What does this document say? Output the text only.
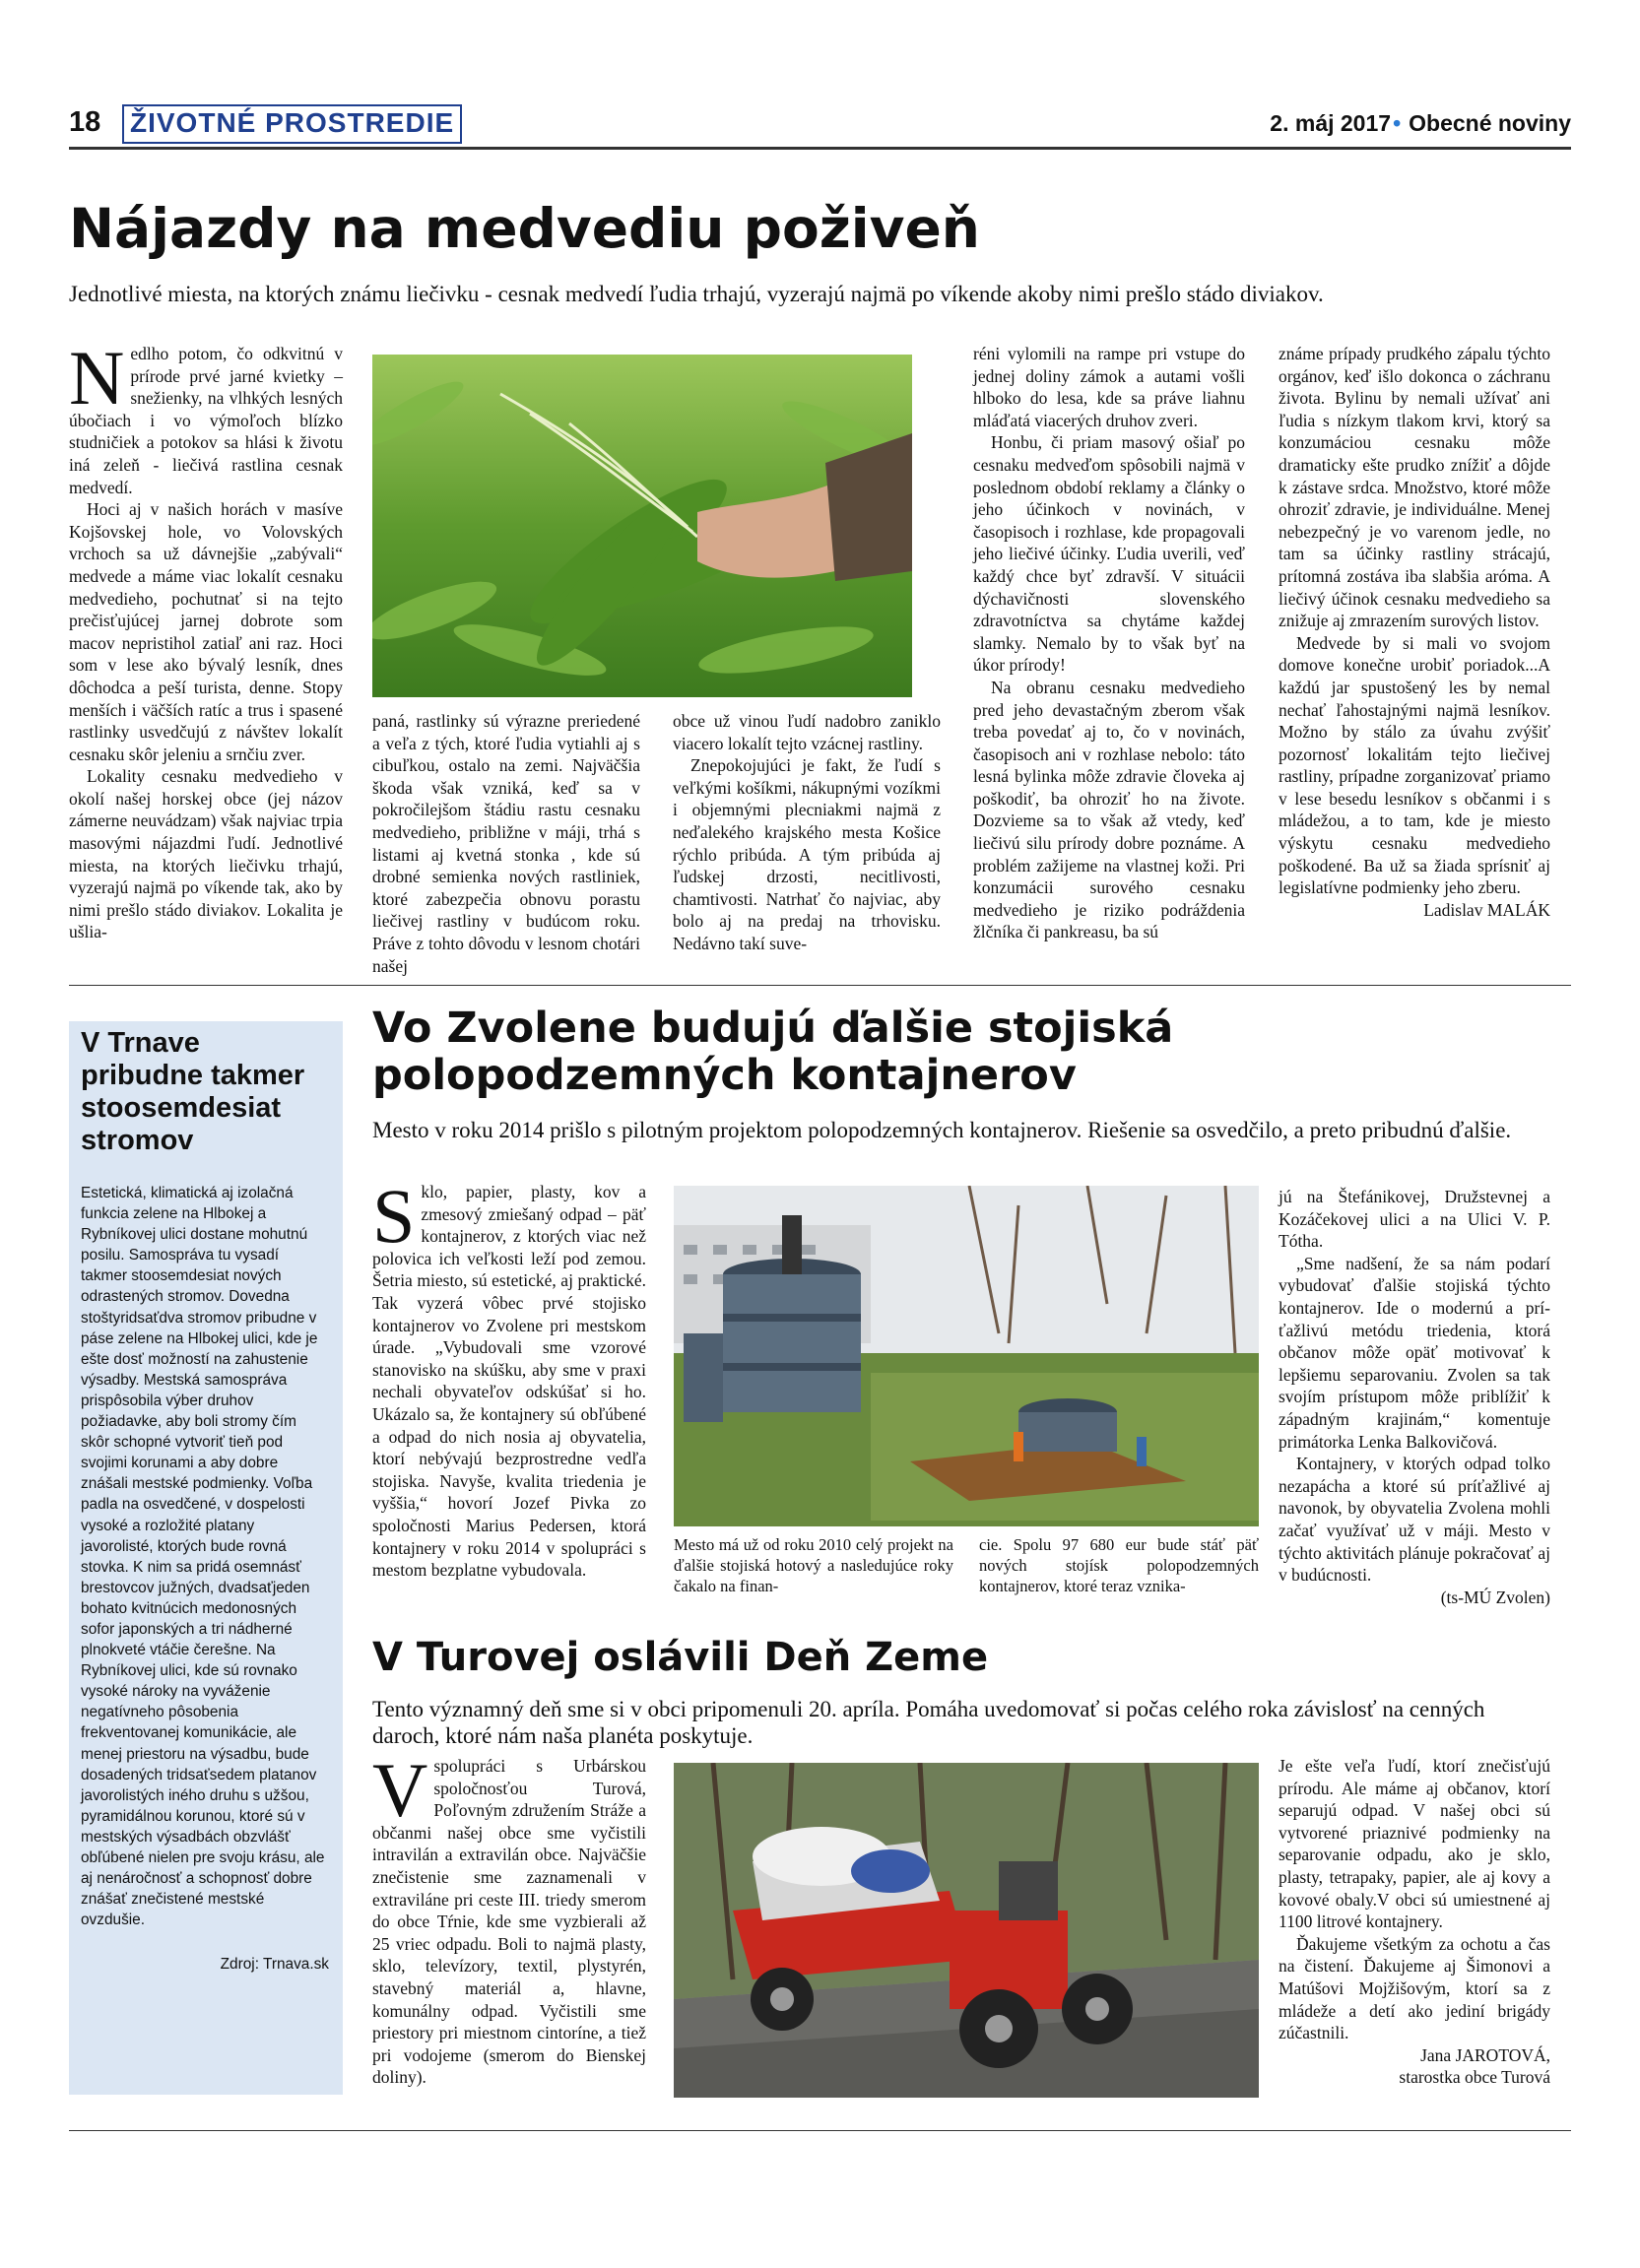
18 ŽIVOTNÉ PROSTREDIE	2. máj 2017• Obecné noviny
Nájazdy na medvediu poživeň
Jednotlivé miesta, na ktorých známu liečivku - cesnak medvedí ľudia trhajú, vyzerajú najmä po víkende akoby nimi prešlo stádo diviakov.

Nedlho potom, čo odkvitnú v prírode prvé jarné kvietky – snežienky, na vlhkých lesných úbočiach i vo výmoľoch blízko studničiek a potokov sa hlási k životu iná zeleň - liečivá rastlina cesnak medvedí.

Hoci aj v našich horách v masíve Kojšovskej hole, vo Volovských vrchoch sa už dávnejšie „zabývali“ medvede a máme viac lokalít cesnaku medvedieho, pochutnať si na tejto prečisťujúcej jarnej dobrote som macov nepristihol zatiaľ ani raz. Hoci som v lese ako bývalý lesník, dnes dôchodca a peší turista, denne. Stopy menších i väčších ratíc a trus i spasené rastlinky usvedčujú z návštev lokalít cesnaku skôr jeleniu a srnčiu zver.

Lokality cesnaku medvedieho v okolí našej horskej obce (jej názov zámerne neuvádzam) však najviac trpia masovými nájazdmi ľudí. Jednotlivé miesta, na ktorých liečivku trhajú, vyzerajú najmä po víkende tak, ako by nimi prešlo stádo diviakov. Lokalita je ušlia-

paná, rastlinky sú výrazne preriedené a veľa z tých, ktoré ľudia vytiahli aj s cibuľkou, ostalo na zemi. Najväčšia škoda však vzniká, keď sa v pokročilejšom štádiu rastu cesnaku medvedieho, približne v máji, trhá s listami aj kvetná stonka , kde sú drobné semienka nových rastliniek, ktoré zabezpečia obnovu porastu liečivej rastliny v budúcom roku. Práve z tohto dôvodu v lesnom chotári našej

obce už vinou ľudí nadobro zaniklo viacero lokalít tejto vzácnej rastliny.

Znepokojujúci je fakt, že ľudí s veľkými košíkmi, nákupnými vozíkmi i objemnými plecniakmi najmä z neďalekého krajského mesta Košice rýchlo pribúda. A tým pribúda aj ľudskej drzosti, necitlivosti, chamtivosti. Natrhať čo najviac, aby bolo aj na predaj na trhovisku. Nedávno takí suve-

réni vylomili na rampe pri vstupe do jednej doliny zámok a autami vošli hlboko do lesa, kde sa práve liahnu mláďatá viacerých druhov zveri.

Honbu, či priam masový ošiaľ po cesnaku medveďom spôsobili najmä v poslednom období reklamy a články o jeho účinkoch v novinách, v časopisoch i rozhlase, kde propagovali jeho liečivé účinky. Ľudia uverili, veď každý chce byť zdravší. V situácii dýchavičnosti slovenského zdravotníctva sa chytáme každej slamky. Nemalo by to však byť na úkor prírody!

Na obranu cesnaku medvedieho pred jeho devastačným zberom však treba povedať aj to, čo v novinách, časopisoch ani v rozhlase nebolo: táto lesná bylinka môže zdravie človeka aj poškodiť, ba ohroziť ho na živote. Dozvieme sa to však až vtedy, keď liečivú silu prírody dobre poznáme. A problém zažijeme na vlastnej koži. Pri konzumácii surového cesnaku medvedieho je riziko podráždenia žlčníka či pankreasu, ba sú

známe prípady prudkého zápalu týchto orgánov, keď išlo dokonca o záchranu života. Bylinu by nemali užívať ani ľudia s nízkym tlakom krvi, ktorý sa konzumáciou cesnaku môže dramaticky ešte prudko znížiť a dôjde k zástave srdca. Množstvo, ktoré môže ohroziť zdravie, je individuálne. Menej nebezpečný je vo varenom jedle, no tam sa účinky rastliny strácajú, prítomná zostáva iba slabšia aróma. A liečivý účinok cesnaku medvedieho sa znižuje aj zmrazením surových listov.

Medvede by si mali vo svojom domove konečne urobiť poriadok...A každú jar spustošený les by nemal nechať ľahostajnými najmä lesníkov. Možno by stálo za úvahu zvýšiť pozornosť lokalitám tejto liečivej rastliny, prípadne zorganizovať priamo v lese besedu lesníkov s občanmi i s mládežou, a to tam, kde je miesto výskytu cesnaku medvedieho poškodené. Ba už sa žiada sprísniť aj legislatívne podmienky jeho zberu.

Ladislav MALÁK

V Trnave pribudne takmer stoosemdesiat stromov
Estetická, klimatická aj izolačná funkcia zelene na Hlbokej a Rybníkovej ulici dostane mohutnú posilu. Samospráva tu vysadí takmer stoosemdesiat nových odrastených stromov. Dovedna stoštyridsaťdva stromov pribudne v páse zelene na Hlbokej ulici, kde je ešte dosť možností na zahustenie výsadby. Mestská samospráva prispôsobila výber druhov požiadavke, aby boli stromy čím skôr schopné vytvoriť tieň pod svojimi korunami a aby dobre znášali mestské podmienky. Voľba padla na osvedčené, v dospelosti vysoké a rozložité platany javorolisté, ktorých bude rovná stovka. K nim sa pridá osemnásť brestovcov južných, dvadsaťjeden bohato kvitnúcich medonosných sofor japonských a tri nádherné plnokveté vtáčie čerešne. Na Rybníkovej ulici, kde sú rovnako vysoké nároky na vyváženie negatívneho pôsobenia frekventovanej komunikácie, ale menej priestoru na výsadbu, bude dosadených tridsaťsedem platanov javorolistých iného druhu s užšou, pyramidálnou korunou, ktoré sú v mestských výsadbách obzvlášť obľúbené nielen pre svoju krásu, ale aj nenáročnosť a schopnosť dobre znášať znečistené mestské ovzdušie.
Zdroj: Trnava.sk
Vo Zvolene budujú ďalšie stojiská
polopodzemných kontajnerov
Mesto v roku 2014 prišlo s pilotným projektom polopodzemných kontajnerov. Riešenie sa osvedčilo, a preto pribudnú ďalšie.

Sklo, papier, plasty, kov a zmesový zmiešaný odpad – päť kontajnerov, z ktorých viac než polovica ich veľkosti leží pod zemou. Šetria miesto, sú estetické, aj praktické. Tak vyzerá vôbec prvé stojisko kontajnerov vo Zvolene pri mestskom úrade. „Vybudovali sme vzorové stanovisko na skúšku, aby sme v praxi nechali obyvateľov odskúšať si ho. Ukázalo sa, že kontajnery sú obľúbené a odpad do nich nosia aj obyvatelia, ktorí nebývajú bezprostredne vedľa stojiska. Navyše, kvalita triedenia je vyššia,“ hovorí Jozef Pivka zo spoločnosti Marius Pedersen, ktorá kontajnery v roku 2014 v spolupráci s mestom bezplatne vybudovala.

Mesto má už od roku 2010 celý projekt na ďalšie stojiská hotový a nasledujúce roky čakalo na finan-
cie. Spolu 97 680 eur bude stáť päť nových stojísk polopodzemných kontajnerov, ktoré teraz vznika-

jú na Štefánikovej, Družstevnej a Kozáčekovej ulici a na Ulici V. P. Tótha.

„Sme nadšení, že sa nám podarí vybudovať ďalšie stojiská týchto kontajnerov. Ide o modernú a príťažlivú metódu triedenia, ktorá občanov môže opäť motivovať k lepšiemu separovaniu. Zvolen sa tak svojím prístupom môže priblížiť k západným krajinám,“ komentuje primátorka Lenka Balkovičová.

Kontajnery, v ktorých odpad tolko nezapácha a ktoré sú príťažlivé aj navonok, by obyvatelia Zvolena mohli začať využívať už v máji. Mesto v týchto aktivitách plánuje pokračovať aj v budúcnosti.

(ts-MÚ Zvolen)

V Turovej oslávili Deň Zeme
Tento významný deň sme si v obci pripomenuli 20. apríla. Pomáha uvedomovať si počas celého roka závislosť na cenných daroch, ktoré nám naša planéta poskytuje.

Vspolupráci s Urbárskou spoločnosťou Turová, Poľovným združením Stráže a občanmi našej obce sme vyčistili intravilán a extravilán obce. Najväčšie znečistenie sme zaznamenali v extraviláne pri ceste III. triedy smerom do obce Tŕnie, kde sme vyzbierali až 25 vriec odpadu. Boli to najmä plasty, sklo, televízory, textil, plystyrén, stavebný materiál a, hlavne, komunálny odpad. Vyčistili sme priestory pri miestnom cintoríne, a tiež pri vodojeme (smerom do Bienskej doliny).

Je ešte veľa ľudí, ktorí znečisťujú prírodu. Ale máme aj občanov, ktorí separujú odpad. V našej obci sú vytvorené priaznivé podmienky na separovanie odpadu, ako je sklo, plasty, tetrapaky, papier, ale aj kovy a kovové obaly.V obci sú umiestnené aj 1100 litrové kontajnery.

Ďakujeme všetkým za ochotu a čas na čistení. Ďakujeme aj Šimonovi a Matúšovi Mojžišovým, ktorí sa z mládeže a detí ako jediní brigády zúčastnili.

Jana JAROTOVÁ,

starostka obce Turová
